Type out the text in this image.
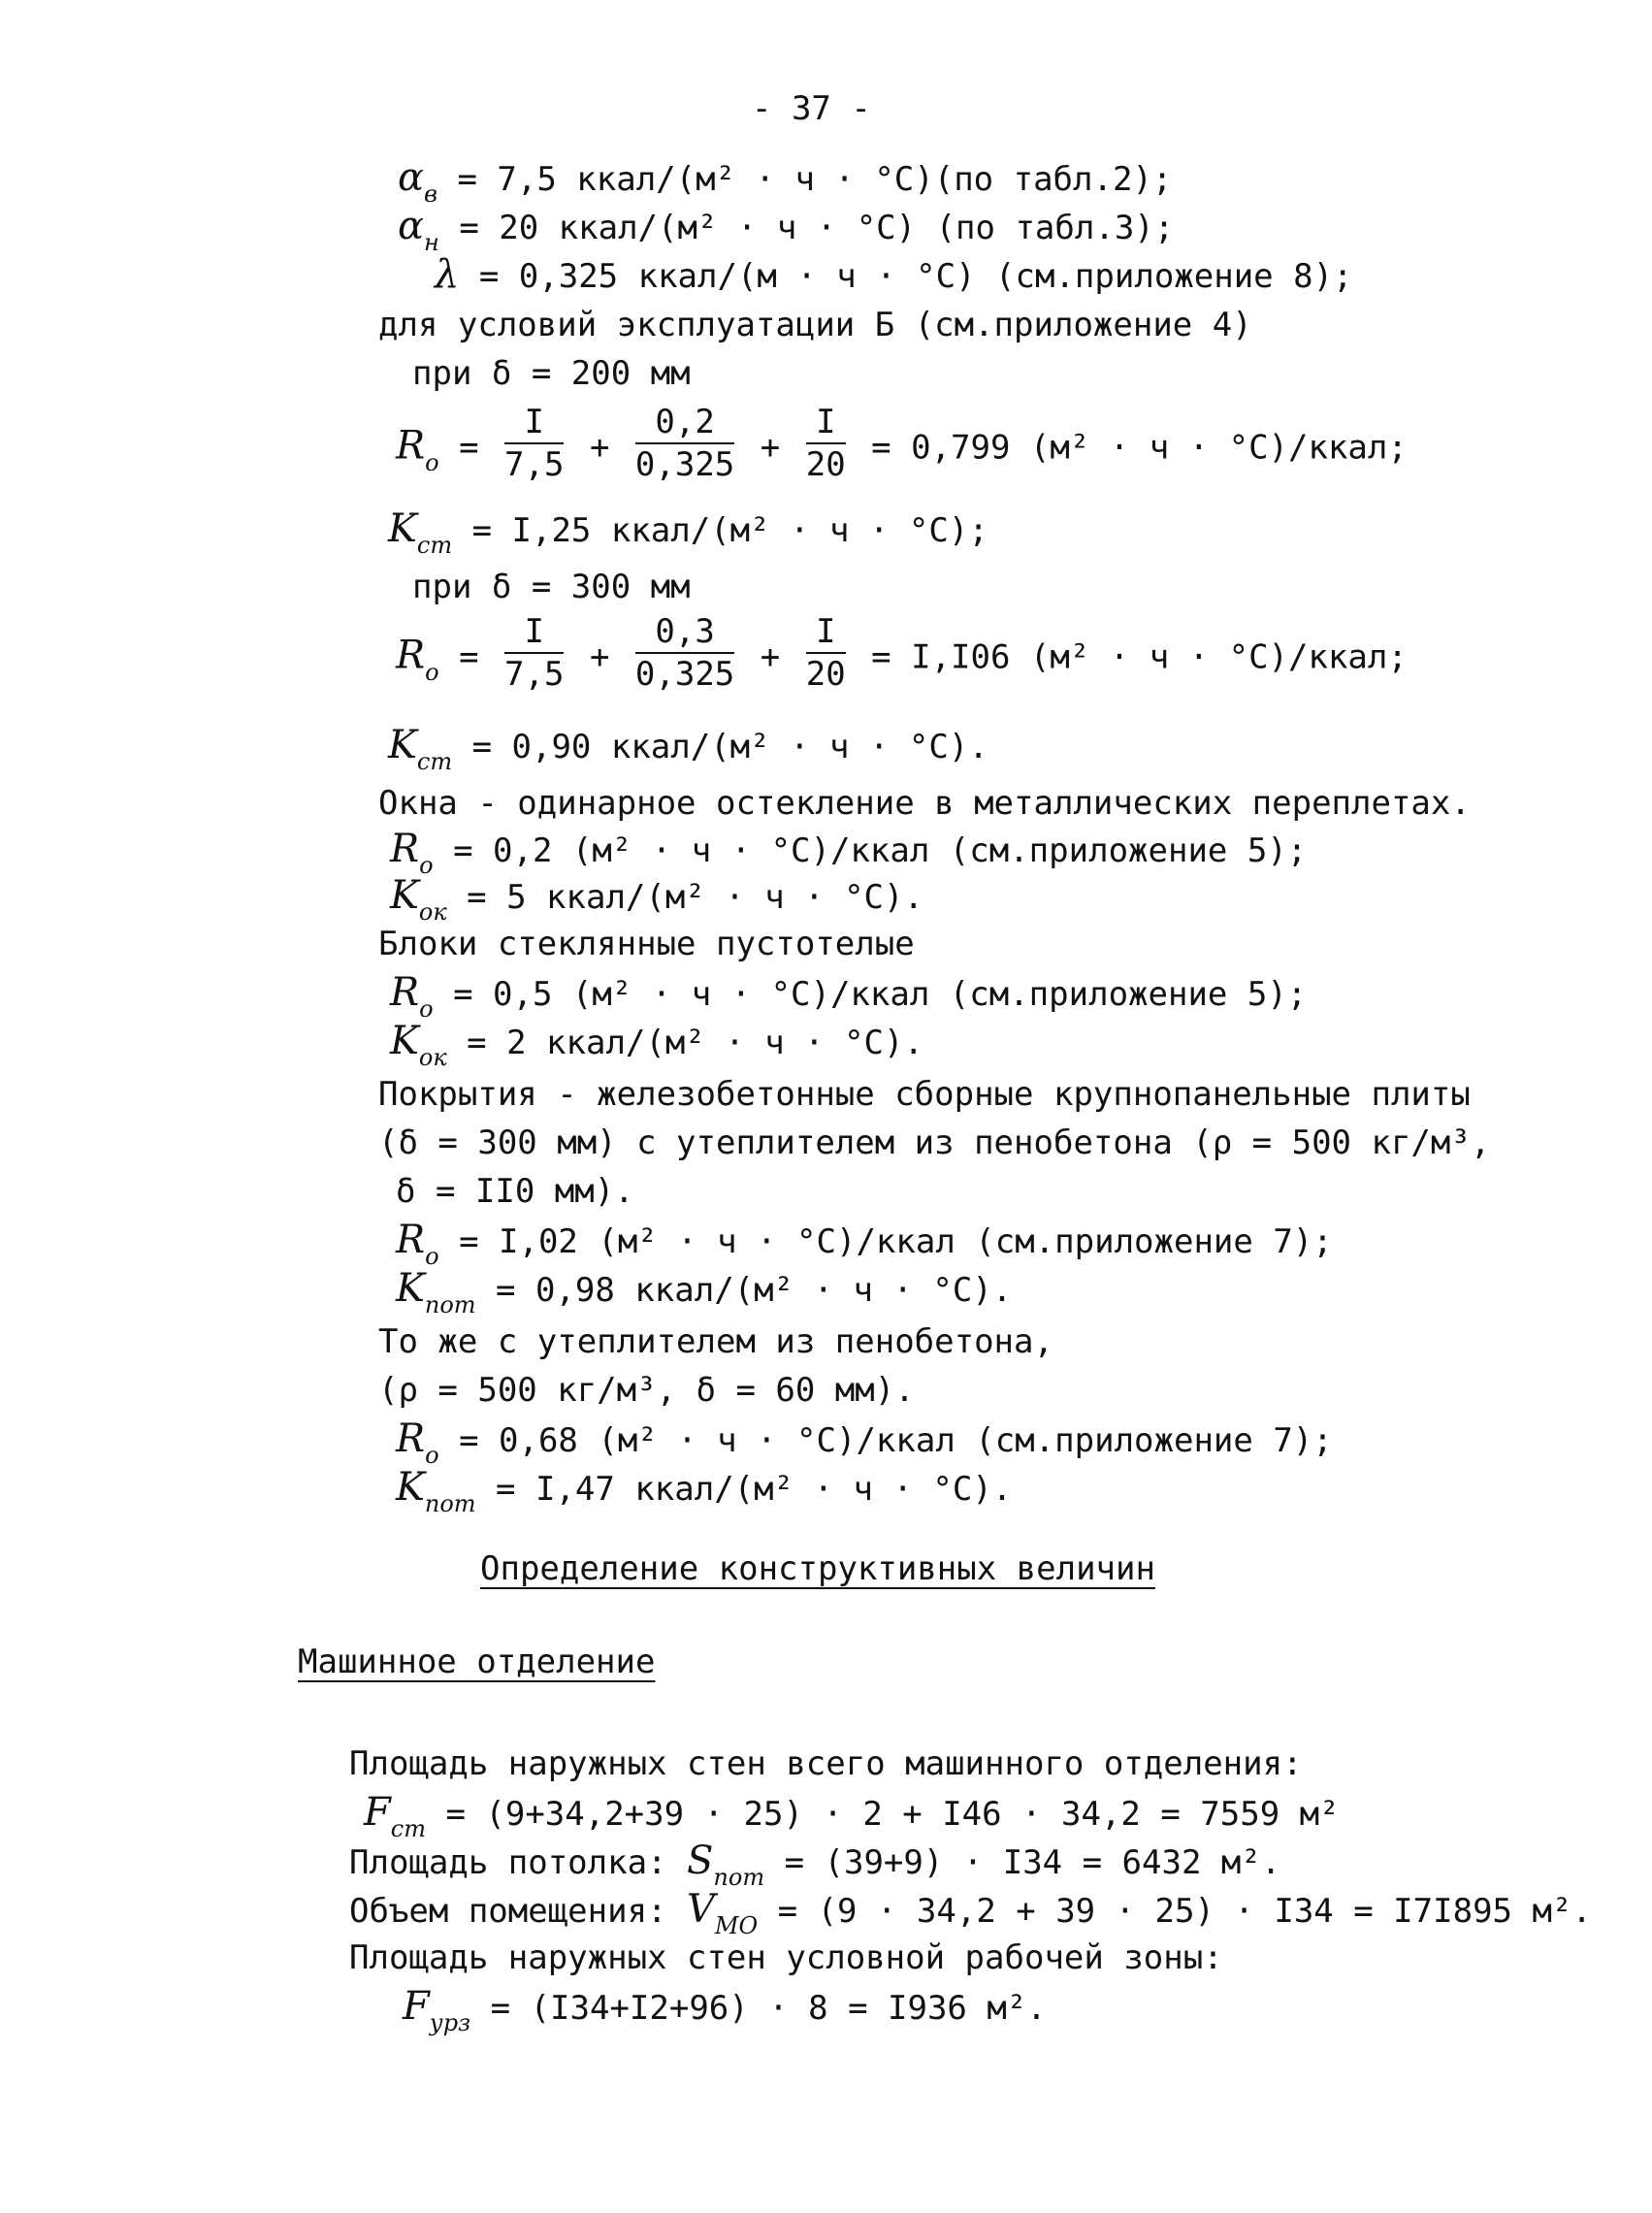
- 37 -
$\alpha_в = 7,5$ ккал/(м² · ч · °С)(по табл.2);
$\alpha_н = 20$ ккал/(м² · ч · °С) (по табл.3);
λ = 0,325 ккал/(м · ч · °С) (см.приложение 8);
для условий эксплуатации Б (см.приложение 4)
при δ = 200 мм
$R_о = \frac{I}{7,5} + \frac{0,2}{0,325} + \frac{I}{20} = 0,799$ (м² · ч · °С)/ккал;
$K_{ст} = I,25$ ккал/(м² · ч · °С);
при δ = 300 мм
$R_о = \frac{I}{7,5} + \frac{0,3}{0,325} + \frac{I}{20} = I,I06$ (м² · ч · °С)/ккал;
$K_{ст} = 0,90$ ккал/(м² · ч · °С).
Окна - одинарное остекление в металлических переплетах.
$R_о = 0,2$ (м² · ч · °С)/ккал (см.приложение 5);
$K_{ок} = 5$ ккал/(м² · ч · °С).
Блоки стеклянные пустотелые
$R_о = 0,5$ (м² · ч · °С)/ккал (см.приложение 5);
$K_{ок} = 2$ ккал/(м² · ч · °С).
Покрытия - железобетонные сборные крупнопанельные плиты
(δ = 300 мм) с утеплителем из пенобетона (ρ = 500 кг/м³,
δ = II0 мм).
$R_о = I,02$ (м² · ч · °С)/ккал (см.приложение 7);
$K_{пот} = 0,98$ ккал/(м² · ч · °С).
То же с утеплителем из пенобетона,
(ρ = 500 кг/м³, δ = 60 мм).
$R_о = 0,68$ (м² · ч · °С)/ккал (см.приложение 7);
$K_{пот} = I,47$ ккал/(м² · ч · °С).
Определение конструктивных величин
Машинное отделение
Площадь наружных стен всего машинного отделения:
$F_{ст} = (9+34,2+39 \cdot 25) \cdot 2 + I46 \cdot 34,2 = 7559$ м²
Площадь потолка: $S_{пот} = (39+9) \cdot I34 = 6432$ м².
Объем помещения: $V_{МО} = (9 \cdot 34,2 + 39 \cdot 25) \cdot I34 = I7I895$ м².
Площадь наружных стен условной рабочей зоны:
$F_{урз} = (I34+I2+96) \cdot 8 = I936$ м².
